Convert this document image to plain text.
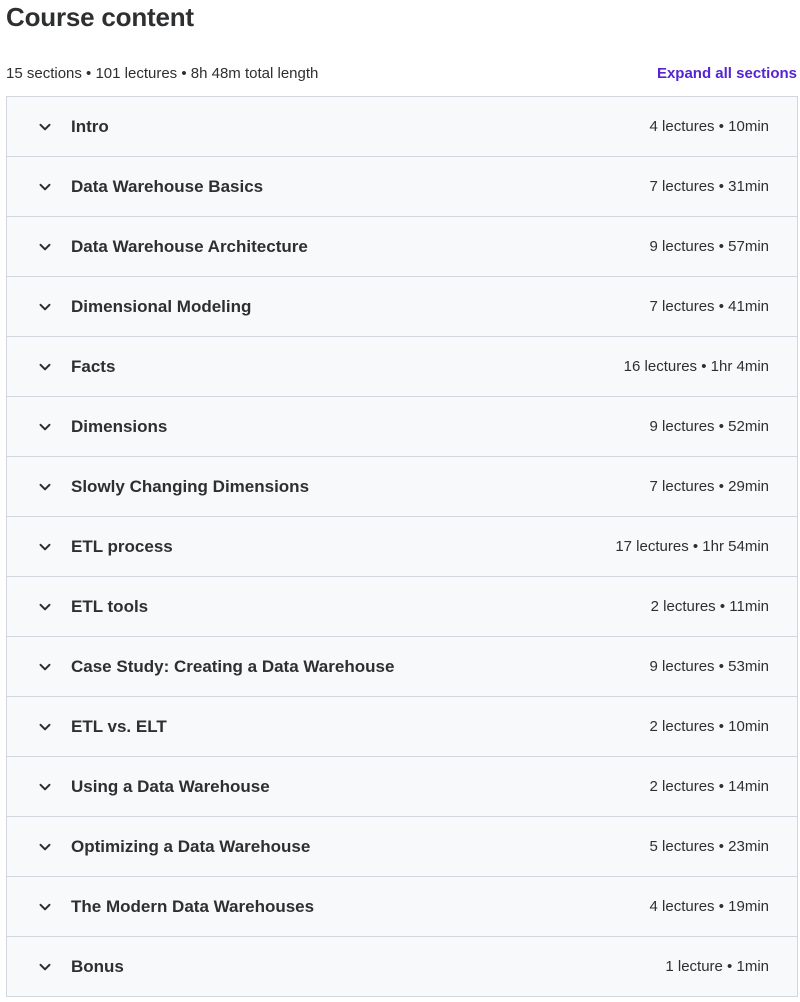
Course content
15 sections • 101 lectures • 8h 48m total length	Expand all sections
Intro	4 lectures • 10min
Data Warehouse Basics	7 lectures • 31min
Data Warehouse Architecture	9 lectures • 57min
Dimensional Modeling	7 lectures • 41min
Facts	16 lectures • 1hr 4min
Dimensions	9 lectures • 52min
Slowly Changing Dimensions	7 lectures • 29min
ETL process	17 lectures • 1hr 54min
ETL tools	2 lectures • 11min
Case Study: Creating a Data Warehouse	9 lectures • 53min
ETL vs. ELT	2 lectures • 10min
Using a Data Warehouse	2 lectures • 14min
Optimizing a Data Warehouse	5 lectures • 23min
The Modern Data Warehouses	4 lectures • 19min
Bonus	1 lecture • 1min
